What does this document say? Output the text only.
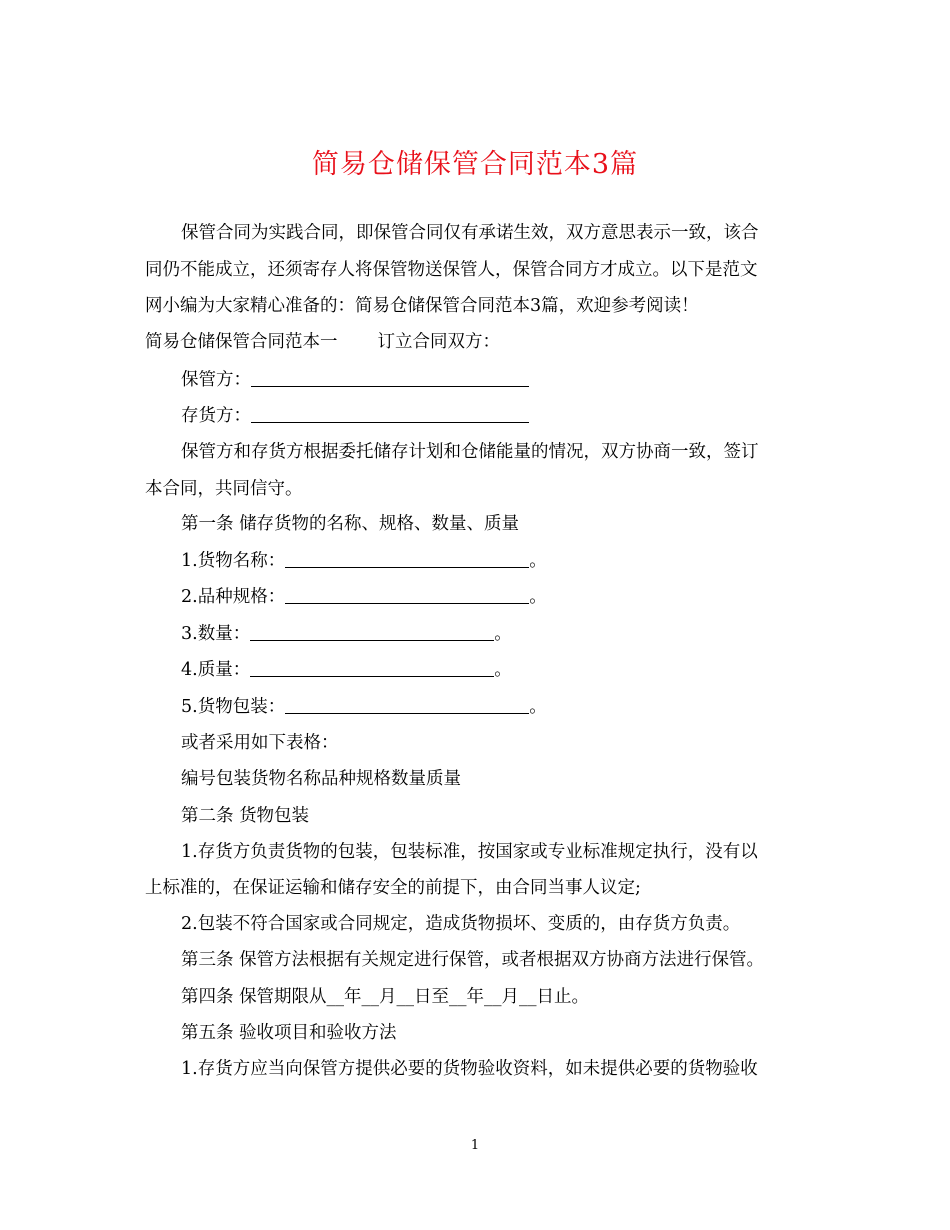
简易仓储保管合同范本3篇
保管合同为实践合同，即保管合同仅有承诺生效，双方意思表示一致，该合
同仍不能成立，还须寄存人将保管物送保管人，保管合同方才成立。以下是范文
网小编为大家精心准备的：简易仓储保管合同范本3篇，欢迎参考阅读！
简易仓储保管合同范本一 订立合同双方：
保管方：
存货方：
保管方和存货方根据委托储存计划和仓储能量的情况，双方协商一致，签订
本合同，共同信守。
第一条 储存货物的名称、规格、数量、质量
1.货物名称：	。
2.品种规格：	。
3.数量：	。
4.质量：	。
5.货物包装：	。
或者采用如下表格：
编号包装货物名称品种规格数量质量
第二条 货物包装
1.存货方负责货物的包装，包装标准，按国家或专业标准规定执行，没有以
上标准的，在保证运输和储存安全的前提下，由合同当事人议定;
2.包装不符合国家或合同规定，造成货物损坏、变质的，由存货方负责。
第三条 保管方法根据有关规定进行保管，或者根据双方协商方法进行保管。
第四条 保管期限从__年__月__日至__年__月__日止。
第五条 验收项目和验收方法
1.存货方应当向保管方提供必要的货物验收资料，如未提供必要的货物验收
1
